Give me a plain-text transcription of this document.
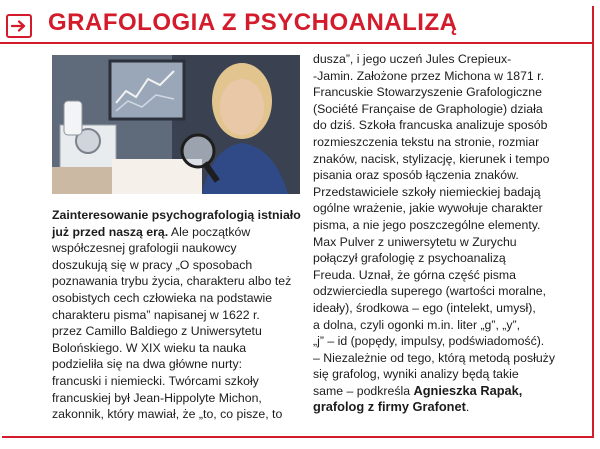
GRAFOLOGIA Z PSYCHOANALIZĄ
Zainteresowanie psychografologią istniało
już przed naszą erą. Ale początków
współczesnej grafologii naukowcy
doszukują się w pracy „O sposobach
poznawania trybu życia, charakteru albo też
osobistych cech człowieka na podstawie
charakteru pisma” napisanej w 1622 r.
przez Camillo Baldiego z Uniwersytetu
Bolońskiego. W XIX wieku ta nauka
podzieliła się na dwa główne nurty:
francuski i niemiecki. Twórcami szkoły
francuskiej był Jean-Hippolyte Michon,
zakonnik, który mawiał, że „to, co pisze, to
dusza”, i jego uczeń Jules Crepieux-
-Jamin. Założone przez Michona w 1871 r.
Francuskie Stowarzyszenie Grafologiczne
(Société Française de Graphologie) działa
do dziś. Szkoła francuska analizuje sposób
rozmieszczenia tekstu na stronie, rozmiar
znaków, nacisk, stylizację, kierunek i tempo
pisania oraz sposób łączenia znaków.
Przedstawiciele szkoły niemieckiej badają
ogólne wrażenie, jakie wywołuje charakter
pisma, a nie jego poszczególne elementy.
Max Pulver z uniwersytetu w Zurychu
połączył grafologię z psychoanalizą
Freuda. Uznał, że górna część pisma
odzwierciedla superego (wartości moralne,
ideały), środkowa – ego (intelekt, umysł),
a dolna, czyli ogonki m.in. liter „g”, „y”,
„j” – id (popędy, impulsy, podświadomość).
– Niezależnie od tego, którą metodą posłuży
się grafolog, wyniki analizy będą takie
same – podkreśla Agnieszka Rapak,
grafolog z firmy Grafonet.
